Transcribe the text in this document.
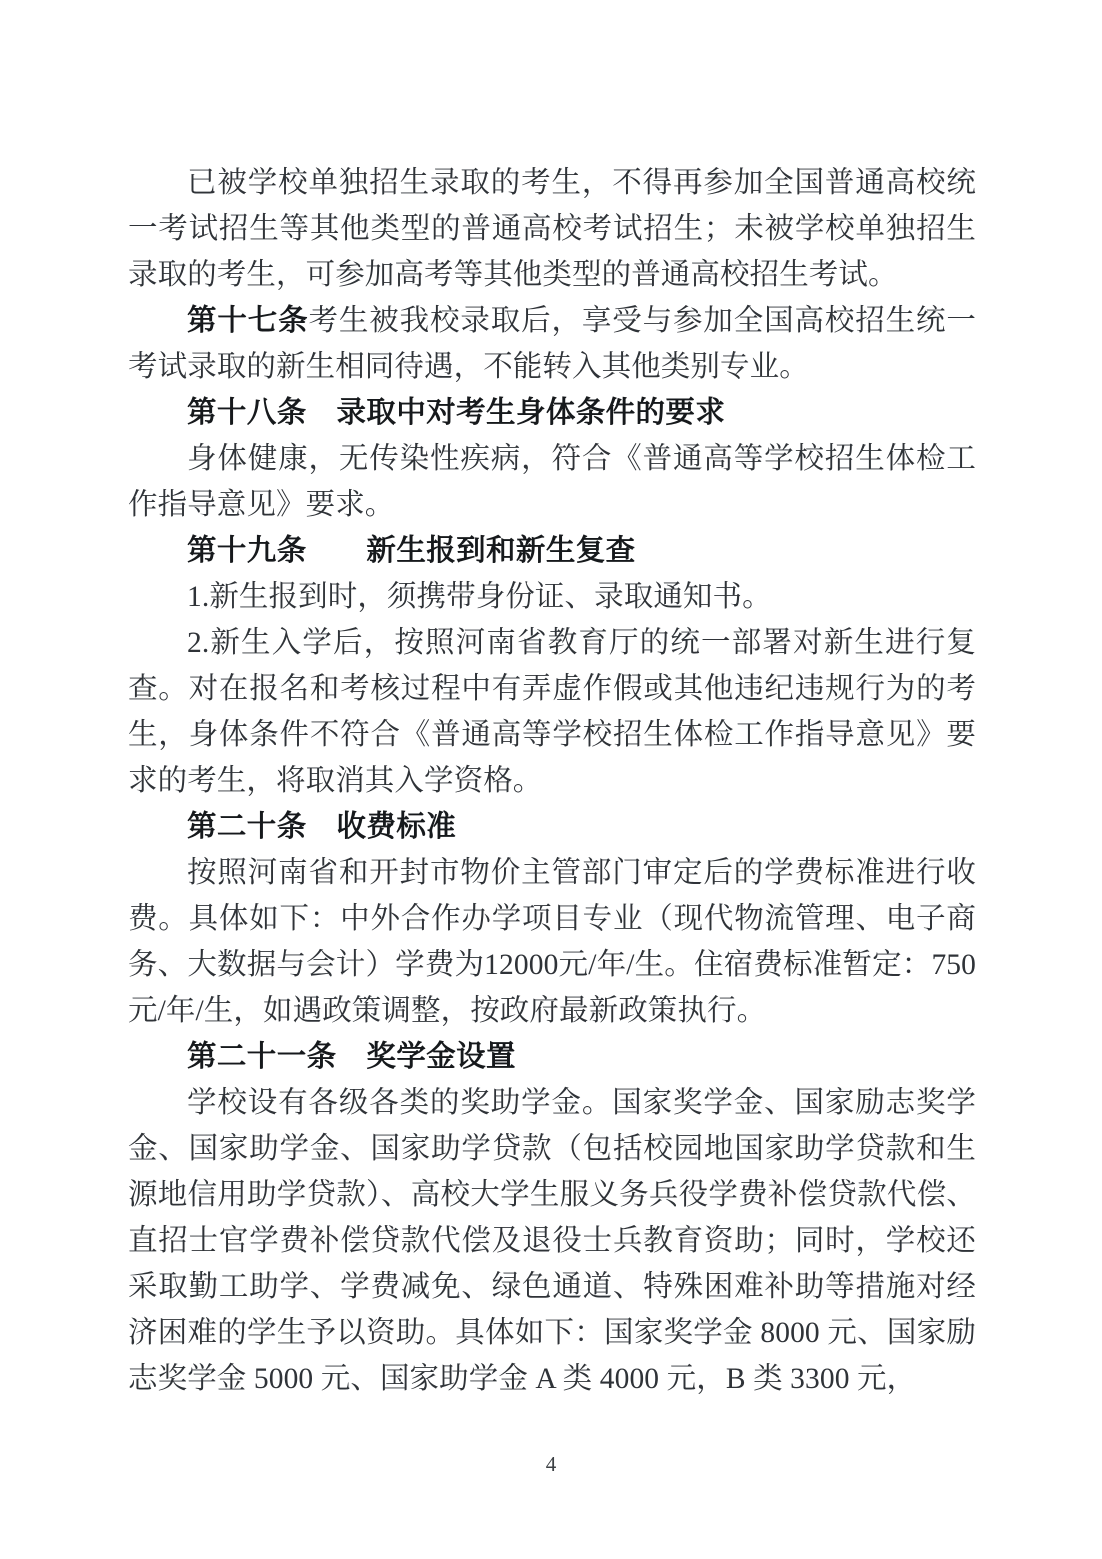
已被学校单独招生录取的考生，不得再参加全国普通高校统一考试招生等其他类型的普通高校考试招生；未被学校单独招生录取的考生，可参加高考等其他类型的普通高校招生考试。

第十七条考生被我校录取后，享受与参加全国高校招生统一考试录取的新生相同待遇，不能转入其他类别专业。

第十八条 录取中对考生身体条件的要求

身体健康，无传染性疾病，符合《普通高等学校招生体检工作指导意见》要求。

第十九条 新生报到和新生复查

1.新生报到时，须携带身份证、录取通知书。

2.新生入学后，按照河南省教育厅的统一部署对新生进行复查。对在报名和考核过程中有弄虚作假或其他违纪违规行为的考生，身体条件不符合《普通高等学校招生体检工作指导意见》要求的考生，将取消其入学资格。

第二十条 收费标准

按照河南省和开封市物价主管部门审定后的学费标准进行收费。具体如下：中外合作办学项目专业（现代物流管理、电子商务、大数据与会计）学费为12000元/年/生。住宿费标准暂定：750元/年/生，如遇政策调整，按政府最新政策执行。

第二十一条 奖学金设置

学校设有各级各类的奖助学金。国家奖学金、国家励志奖学金、国家助学金、国家助学贷款（包括校园地国家助学贷款和生源地信用助学贷款）、高校大学生服义务兵役学费补偿贷款代偿、直招士官学费补偿贷款代偿及退役士兵教育资助；同时，学校还采取勤工助学、学费减免、绿色通道、特殊困难补助等措施对经济困难的学生予以资助。具体如下：国家奖学金 8000 元、国家励志奖学金 5000 元、国家助学金 A 类 4000 元，B 类 3300 元，

4
